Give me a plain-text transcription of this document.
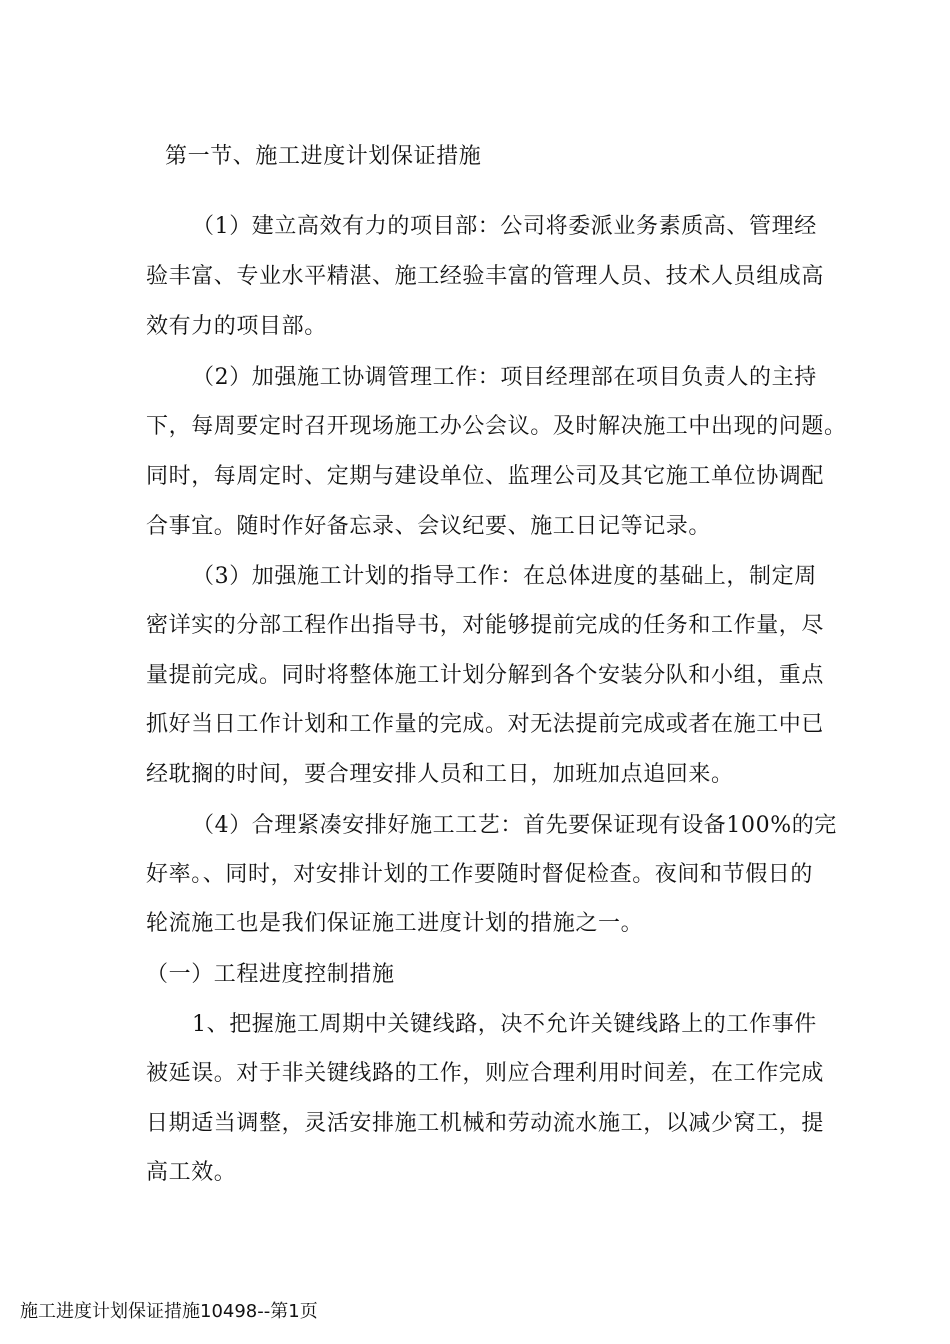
第一节、施工进度计划保证措施
（1）建立高效有力的项目部：公司将委派业务素质高、管理经
验丰富、专业水平精湛、施工经验丰富的管理人员、技术人员组成高
效有力的项目部。
（2）加强施工协调管理工作：项目经理部在项目负责人的主持
下，每周要定时召开现场施工办公会议。及时解决施工中出现的问题。
同时，每周定时、定期与建设单位、监理公司及其它施工单位协调配
合事宜。随时作好备忘录、会议纪要、施工日记等记录。
（3）加强施工计划的指导工作：在总体进度的基础上，制定周
密详实的分部工程作出指导书，对能够提前完成的任务和工作量，尽
量提前完成。同时将整体施工计划分解到各个安装分队和小组，重点
抓好当日工作计划和工作量的完成。对无法提前完成或者在施工中已
经耽搁的时间，要合理安排人员和工日，加班加点追回来。
（4）合理紧凑安排好施工工艺：首先要保证现有设备100%的完
好率。、同时，对安排计划的工作要随时督促检查。夜间和节假日的
轮流施工也是我们保证施工进度计划的措施之一。
（一）工程进度控制措施
1、把握施工周期中关键线路，决不允许关键线路上的工作事件
被延误。对于非关键线路的工作，则应合理利用时间差，在工作完成
日期适当调整，灵活安排施工机械和劳动流水施工，以减少窝工，提
高工效。
施工进度计划保证措施10498--第1页
